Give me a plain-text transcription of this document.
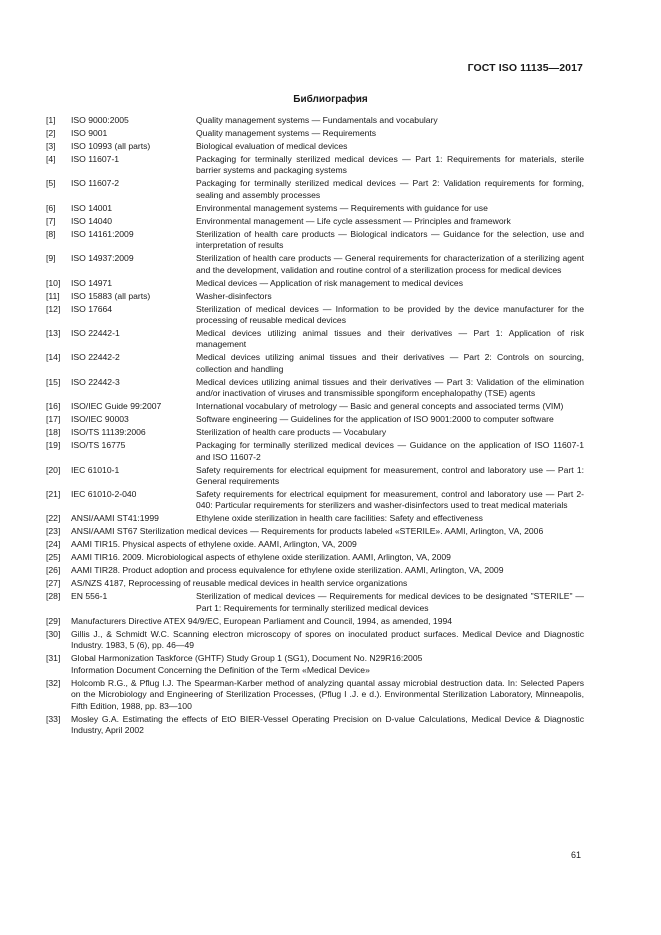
ГОСТ ISO 11135—2017
Библиография
[1]	ISO 9000:2005	Quality management systems — Fundamentals and vocabulary
[2]	ISO 9001	Quality management systems — Requirements
[3]	ISO 10993 (all parts)	Biological evaluation of medical devices
[4]	ISO 11607-1	Packaging for terminally sterilized medical devices — Part 1: Requirements for materials, sterile barrier systems and packaging systems
[5]	ISO 11607-2	Packaging for terminally sterilized medical devices — Part 2: Validation requirements for forming, sealing and assembly processes
[6]	ISO 14001	Environmental management systems — Requirements with guidance for use
[7]	ISO 14040	Environmental management — Life cycle assessment — Principles and framework
[8]	ISO 14161:2009	Sterilization of health care products — Biological indicators — Guidance for the selection, use and interpretation of results
[9]	ISO 14937:2009	Sterilization of health care products — General requirements for characterization of a sterilizing agent and the development, validation and routine control of a sterilization process for medical devices
[10]	ISO 14971	Medical devices — Application of risk management to medical devices
[11]	ISO 15883 (all parts)	Washer-disinfectors
[12]	ISO 17664	Sterilization of medical devices — Information to be provided by the device manufacturer for the processing of reusable medical devices
[13]	ISO 22442-1	Medical devices utilizing animal tissues and their derivatives — Part 1: Application of risk management
[14]	ISO 22442-2	Medical devices utilizing animal tissues and their derivatives — Part 2: Controls on sourcing, collection and handling
[15]	ISO 22442-3	Medical devices utilizing animal tissues and their derivatives — Part 3: Validation of the elimination and/or inactivation of viruses and transmissible spongiform encephalopathy (TSE) agents
[16]	ISO/IEC Guide 99:2007	International vocabulary of metrology — Basic and general concepts and associated terms (VIM)
[17]	ISO/IEC 90003	Software engineering — Guidelines for the application of ISO 9001:2000 to computer software
[18]	ISO/TS 11139:2006	Sterilization of health care products — Vocabulary
[19]	ISO/TS 16775	Packaging for terminally sterilized medical devices — Guidance on the application of ISO 11607-1 and ISO 11607-2
[20]	IEC 61010-1	Safety requirements for electrical equipment for measurement, control and laboratory use — Part 1: General requirements
[21]	IEC 61010-2-040	Safety requirements for electrical equipment for measurement, control and laboratory use — Part 2-040: Particular requirements for sterilizers and washer-disinfectors used to treat medical materials
[22]	ANSI/AAMI ST41:1999	Ethylene oxide sterilization in health care facilities: Safety and effectiveness
[23]	ANSI/AAMI ST67 Sterilization medical devices — Requirements for products labeled «STERILE». AAMI, Arlington, VA, 2006
[24]	AAMI TIR15. Physical aspects of ethylene oxide. AAMI, Arlington, VA, 2009
[25]	AAMI TIR16. 2009. Microbiological aspects of ethylene oxide sterilization. AAMI, Arlington, VA, 2009
[26]	AAMI TIR28. Product adoption and process equivalence for ethylene oxide sterilization. AAMI, Arlington, VA, 2009
[27]	AS/NZS 4187, Reprocessing of reusable medical devices in health service organizations
[28]	EN 556-1	Sterilization of medical devices — Requirements for medical devices to be designated "STERILE" — Part 1: Requirements for terminally sterilized medical devices
[29]	Manufacturers Directive ATEX 94/9/EC, European Parliament and Council, 1994, as amended, 1994
[30]	Gillis J., & Schmidt W.C. Scanning electron microscopy of spores on inoculated product surfaces. Medical Device and Diagnostic Industry. 1983, 5 (6), pp. 46—49
[31]	Global Harmonization Taskforce (GHTF) Study Group 1 (SG1), Document No. N29R16:2005
Information Document Concerning the Definition of the Term «Medical Device»
[32]	Holcomb R.G., & Pflug I.J. The Spearman-Karber method of analyzing quantal assay microbial destruction data. In: Selected Papers on the Microbiology and Engineering of Sterilization Processes, (Pflug I .J. e d.). Environmental Sterilization Laboratory, Minneapolis, Fifth Edition, 1988, pp. 83—100
[33]	Mosley G.A. Estimating the effects of EtO BIER-Vessel Operating Precision on D-value Calculations, Medical Device & Diagnostic Industry, April 2002
61
